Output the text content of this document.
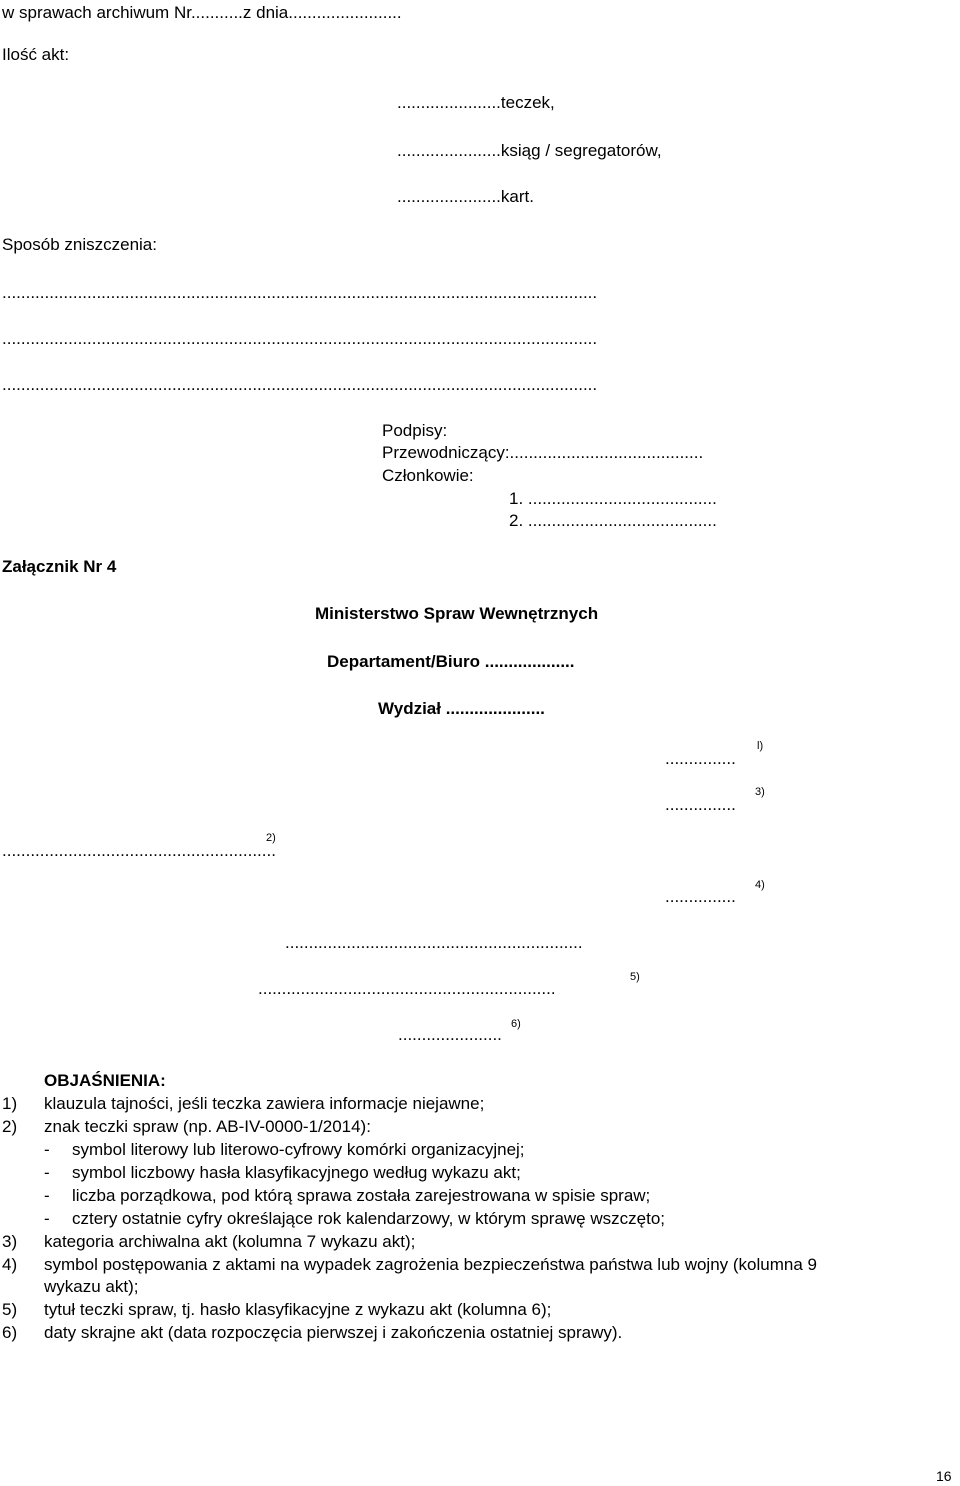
w sprawach archiwum Nr...........z dnia........................
Ilość akt:
......................teczek,
......................ksiąg / segregatorów,
......................kart.
Sposób zniszczenia:
..............................................................................................................................
..............................................................................................................................
..............................................................................................................................
Podpisy:
Przewodniczący:.........................................
Członkowie:
1. ........................................
2. ........................................
Załącznik Nr 4
Ministerstwo Spraw Wewnętrznych
Departament/Biuro ...................
Wydział .....................
...............
l)
...............
3)
..........................................................
2)
...............
4)
...............................................................
...............................................................
5)
......................
6)
OBJAŚNIENIA:
1) klauzula tajności, jeśli teczka zawiera informacje niejawne;
2) znak teczki spraw (np. AB-IV-0000-1/2014):
- symbol literowy lub literowo-cyfrowy komórki organizacyjnej;
- symbol liczbowy hasła klasyfikacyjnego według wykazu akt;
- liczba porządkowa, pod którą sprawa została zarejestrowana w spisie spraw;
- cztery ostatnie cyfry określające rok kalendarzowy, w którym sprawę wszczęto;
3) kategoria archiwalna akt (kolumna 7 wykazu akt);
4) symbol postępowania z aktami na wypadek zagrożenia bezpieczeństwa państwa lub wojny (kolumna 9
wykazu akt);
5) tytuł teczki spraw, tj. hasło klasyfikacyjne z wykazu akt (kolumna 6);
6) daty skrajne akt (data rozpoczęcia pierwszej i zakończenia ostatniej sprawy).
16
